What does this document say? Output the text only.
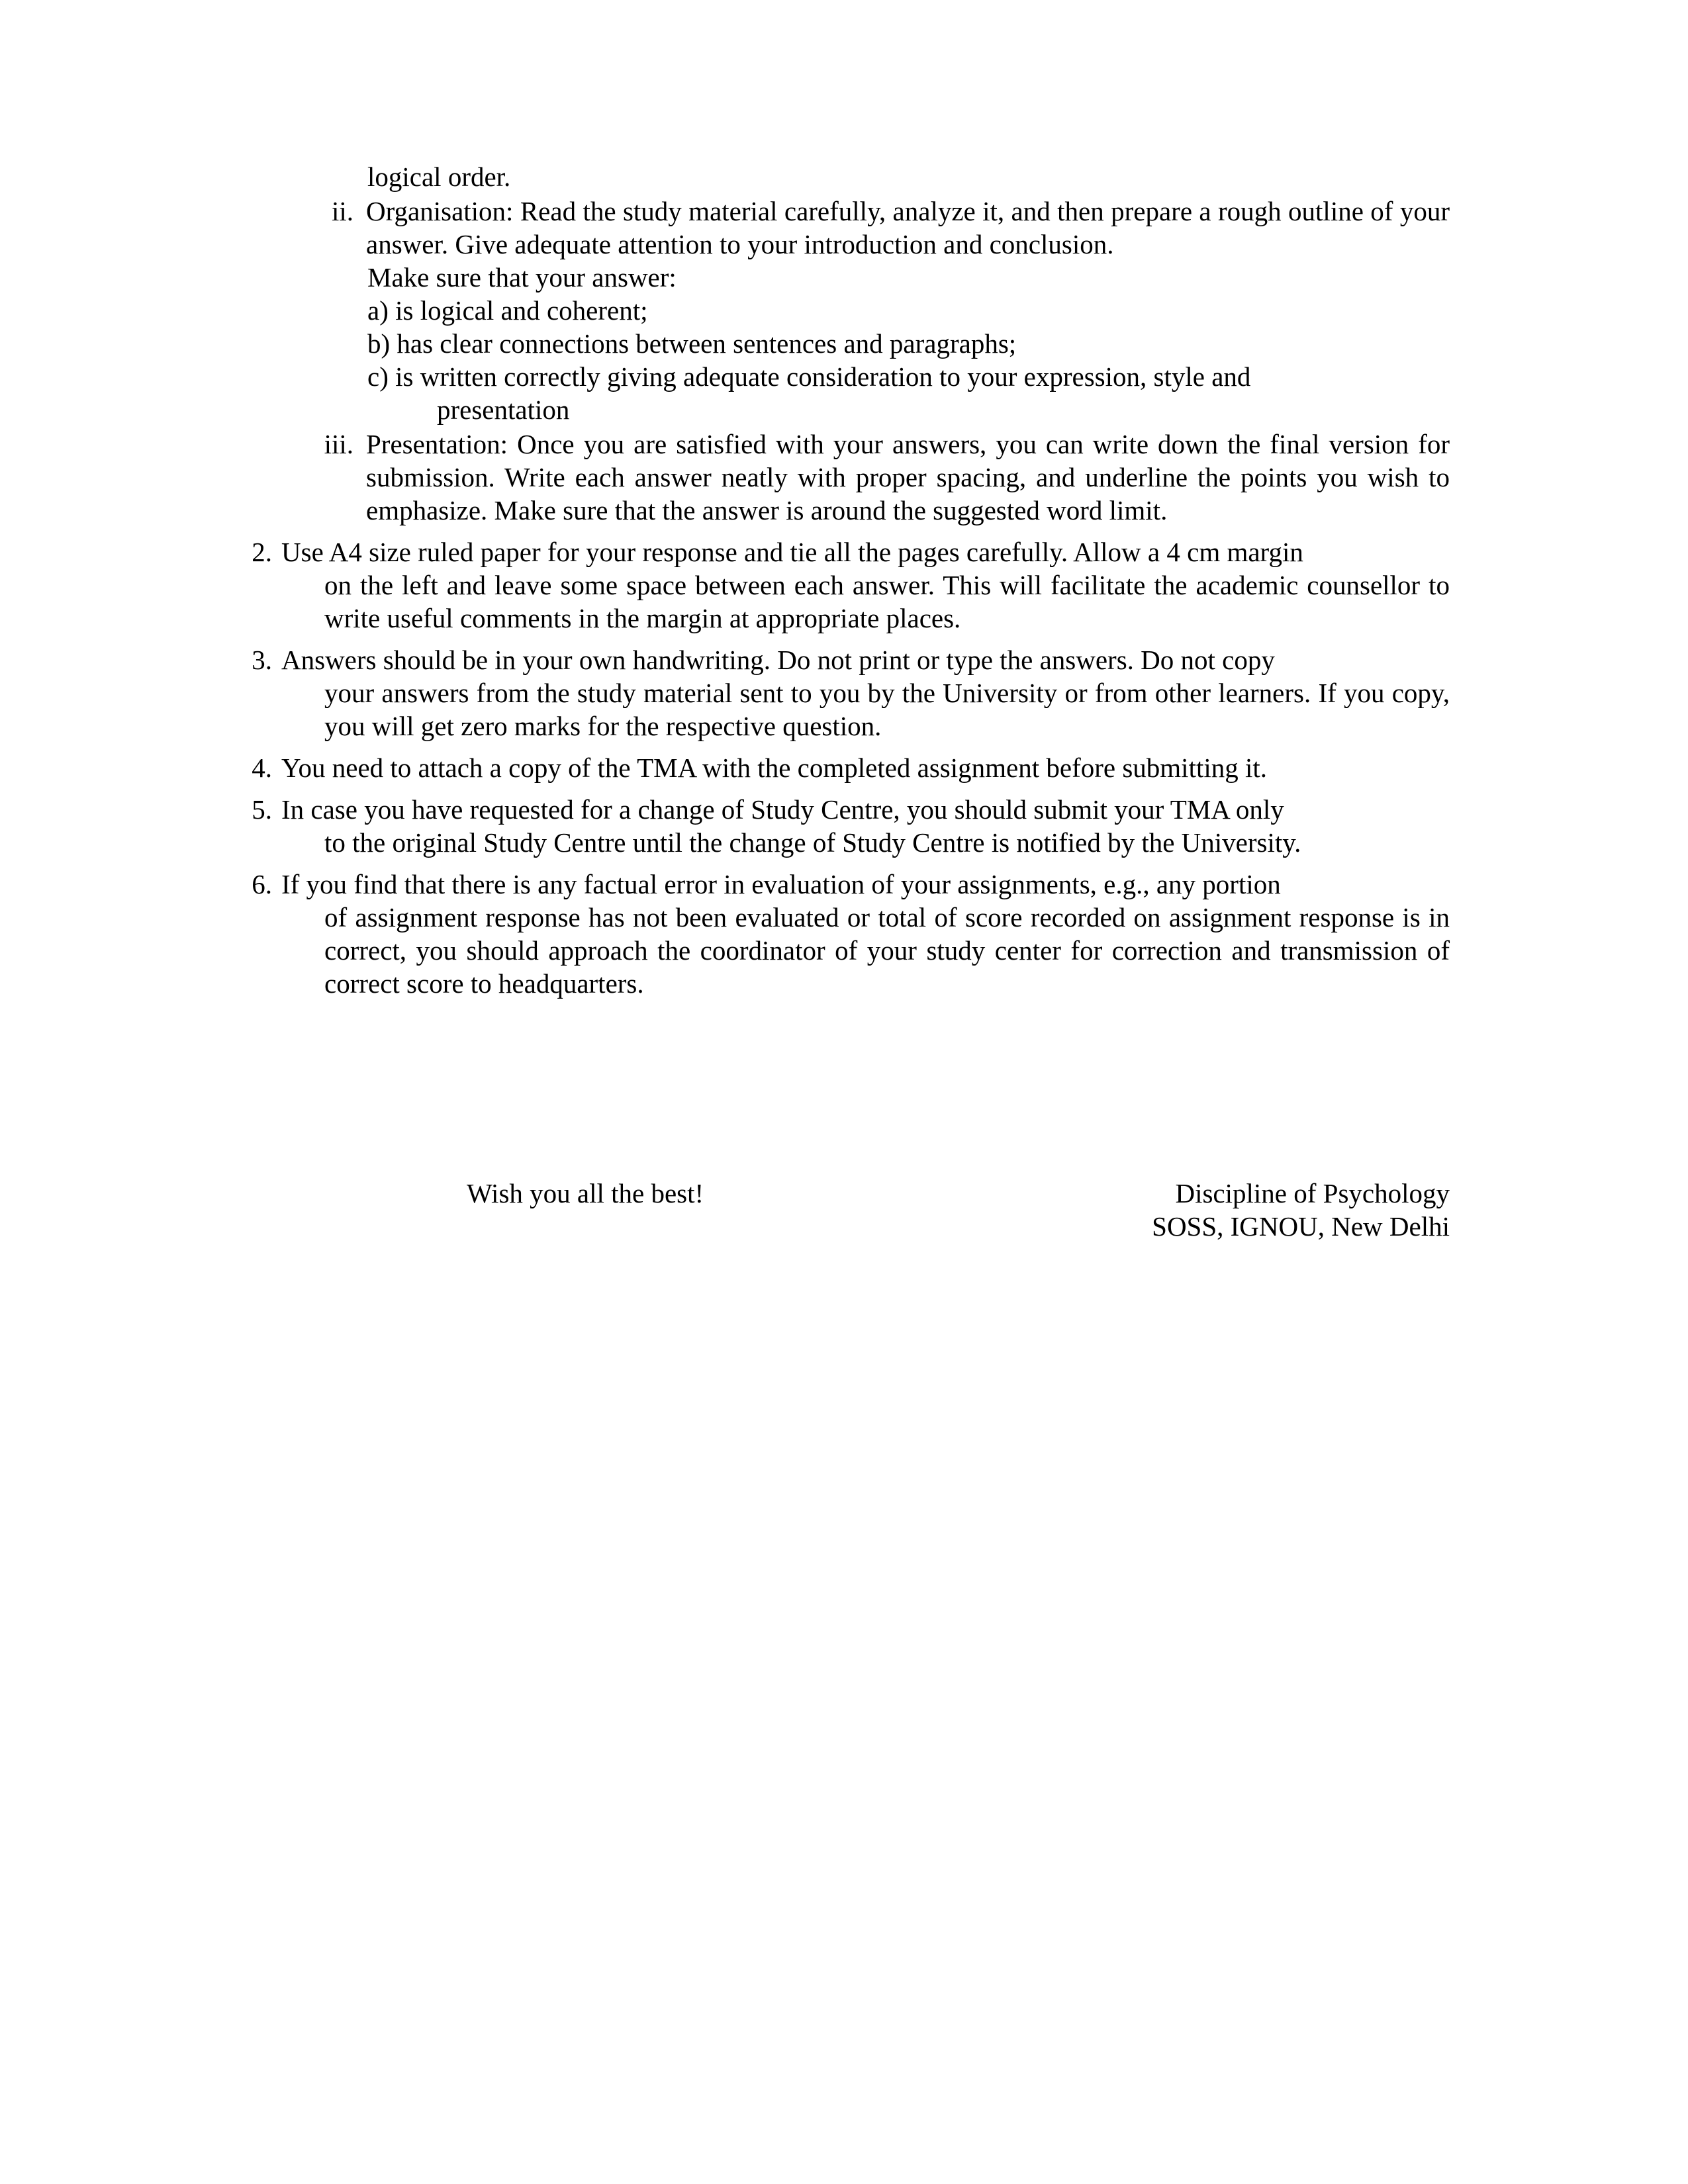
logical order.
ii. Organisation: Read the study material carefully, analyze it, and then prepare a rough outline of your answer. Give adequate attention to your introduction and conclusion.

Make sure that your answer:

a) is logical and coherent;

b) has clear connections between sentences and paragraphs;

c) is written correctly giving adequate consideration to your expression, style and
presentation

iii. Presentation: Once you are satisfied with your answers, you can write down the final version for submission. Write each answer neatly with proper spacing, and underline the points you wish to emphasize. Make sure that the answer is around the suggested word limit.

2. Use A4 size ruled paper for your response and tie all the pages carefully. Allow a 4 cm margin

on the left and leave some space between each answer. This will facilitate the academic counsellor to write useful comments in the margin at appropriate places.

3. Answers should be in your own handwriting. Do not print or type the answers. Do not copy

your answers from the study material sent to you by the University or from other learners. If you copy, you will get zero marks for the respective question.

4. You need to attach a copy of the TMA with the completed assignment before submitting it.

5. In case you have requested for a change of Study Centre, you should submit your TMA only

to the original Study Centre until the change of Study Centre is notified by the University.

6. If you find that there is any factual error in evaluation of your assignments, e.g., any portion

of assignment response has not been evaluated or total of score recorded on assignment response is in correct, you should approach the coordinator of your study center for correction and transmission of correct score to headquarters.

Wish you all the best!	Discipline of Psychology
SOSS, IGNOU, New Delhi
